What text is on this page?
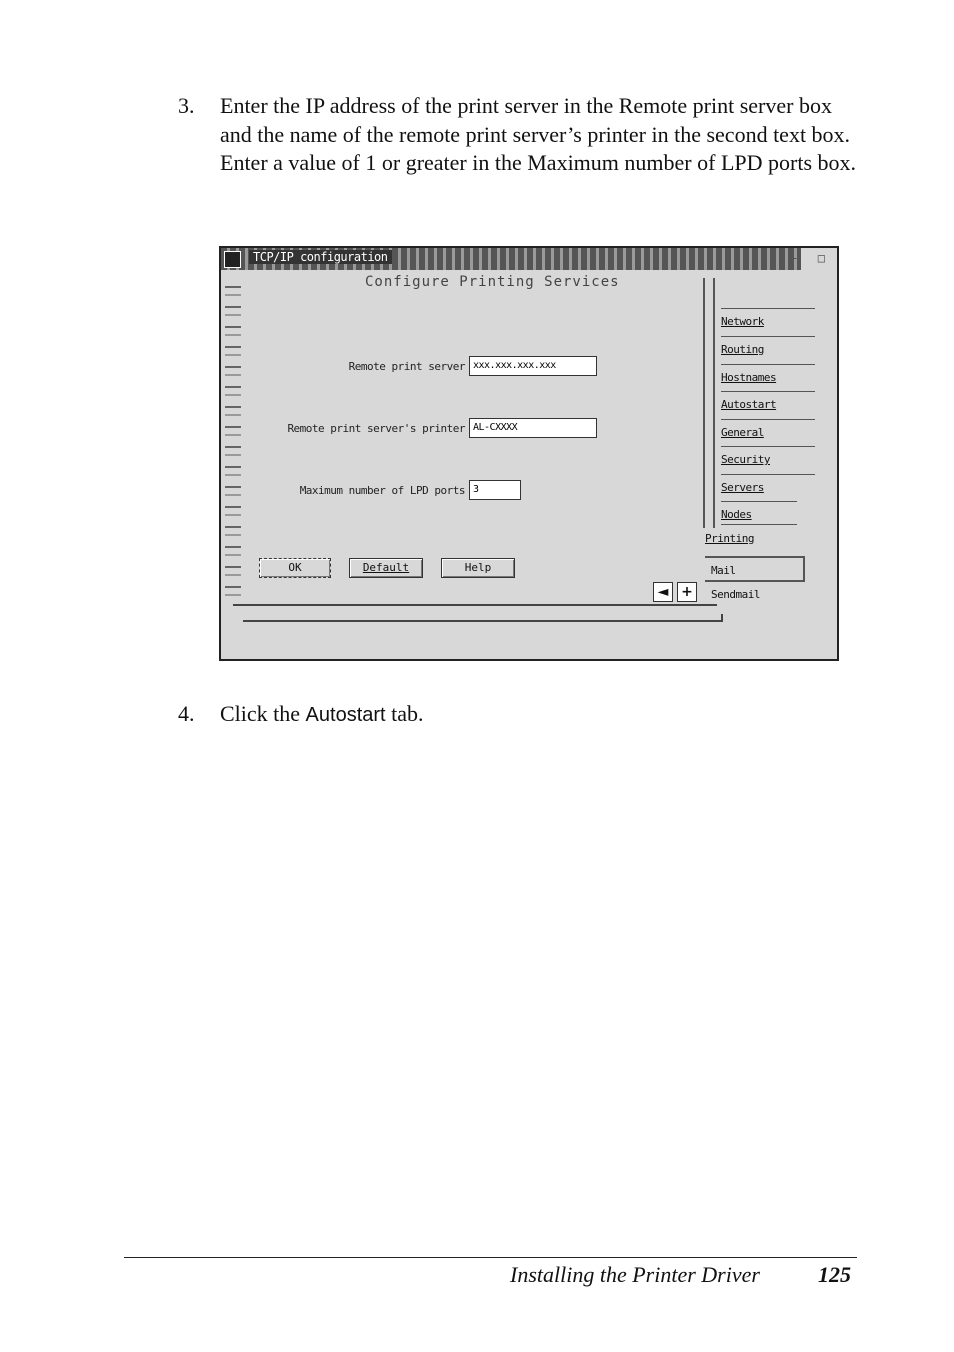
3. Enter the IP address of the print server in the Remote print server box and the name of the remote print server’s printer in the second text box. Enter a value of 1 or greater in the Maximum number of LPD ports box.
TCP/IP configuration	- □
Configure Printing Services
Remote print server xxx.xxx.xxx.xxx
Remote print server's printer AL-CXXXX
Maximum number of LPD ports 3
OK	Default	Help
Network
Routing
Hostnames
Autostart
General
Security
Servers
Nodes
Printing
Mail
Sendmail
◄ +
4. Click the Autostart tab.
Installing the Printer Driver	125
